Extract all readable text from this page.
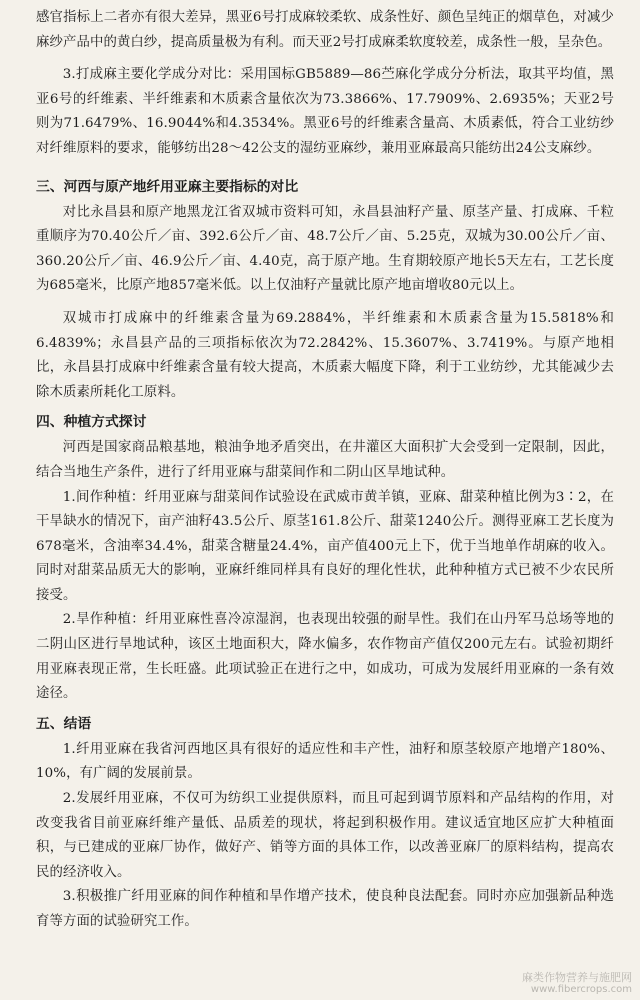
感官指标上二者亦有很大差异，黑亚6号打成麻较柔软、成条性好、颜色呈纯正的烟草色，对减少麻纱产品中的黄白纱，提高质量极为有利。而天亚2号打成麻柔软度较差，成条性一般，呈杂色。

3.打成麻主要化学成分对比：采用国标GB5889—86苎麻化学成分分析法，取其平均值，黑亚6号的纤维素、半纤维素和木质素含量依次为73.3866%、17.7909%、2.6935%；天亚2号则为71.6479%、16.9044%和4.3534%。黑亚6号的纤维素含量高、木质素低，符合工业纺纱对纤维原料的要求，能够纺出28～42公支的湿纺亚麻纱，兼用亚麻最高只能纺出24公支麻纱。

三、河西与原产地纤用亚麻主要指标的对比

对比永昌县和原产地黑龙江省双城市资料可知，永昌县油籽产量、原茎产量、打成麻、千粒重顺序为70.40公斤／亩、392.6公斤／亩、48.7公斤／亩、5.25克，双城为30.00公斤／亩、360.20公斤／亩、46.9公斤／亩、4.40克，高于原产地。生育期较原产地长5天左右，工艺长度为685毫米，比原产地857毫米低。以上仅油籽产量就比原产地亩增收80元以上。

双城市打成麻中的纤维素含量为69.2884%，半纤维素和木质素含量为15.5818%和6.4839%；永昌县产品的三项指标依次为72.2842%、15.3607%、3.7419%。与原产地相比，永昌县打成麻中纤维素含量有较大提高，木质素大幅度下降，利于工业纺纱，尤其能减少去除木质素所耗化工原料。

四、种植方式探讨

河西是国家商品粮基地，粮油争地矛盾突出，在井灌区大面积扩大会受到一定限制，因此，结合当地生产条件，进行了纤用亚麻与甜菜间作和二阴山区旱地试种。

1.间作种植：纤用亚麻与甜菜间作试验设在武威市黄羊镇，亚麻、甜菜种植比例为3∶2，在干旱缺水的情况下，亩产油籽43.5公斤、原茎161.8公斤、甜菜1240公斤。测得亚麻工艺长度为678毫米，含油率34.4%，甜菜含糖量24.4%，亩产值400元上下，优于当地单作胡麻的收入。同时对甜菜品质无大的影响，亚麻纤维同样具有良好的理化性状，此种种植方式已被不少农民所接受。

2.旱作种植：纤用亚麻性喜冷凉湿润，也表现出较强的耐旱性。我们在山丹军马总场等地的二阴山区进行旱地试种，该区土地面积大，降水偏多，农作物亩产值仅200元左右。试验初期纤用亚麻表现正常，生长旺盛。此项试验正在进行之中，如成功，可成为发展纤用亚麻的一条有效途径。

五、结语

1.纤用亚麻在我省河西地区具有很好的适应性和丰产性，油籽和原茎较原产地增产180%、10%，有广阔的发展前景。

2.发展纤用亚麻，不仅可为纺织工业提供原料，而且可起到调节原料和产品结构的作用，对改变我省目前亚麻纤维产量低、品质差的现状，将起到积极作用。建议适宜地区应扩大种植面积，与已建成的亚麻厂协作，做好产、销等方面的具体工作，以改善亚麻厂的原料结构，提高农民的经济收入。

3.积极推广纤用亚麻的间作种植和旱作增产技术，使良种良法配套。同时亦应加强新品种选育等方面的试验研究工作。

麻类作物营养与施肥网
www.fibercrops.com
